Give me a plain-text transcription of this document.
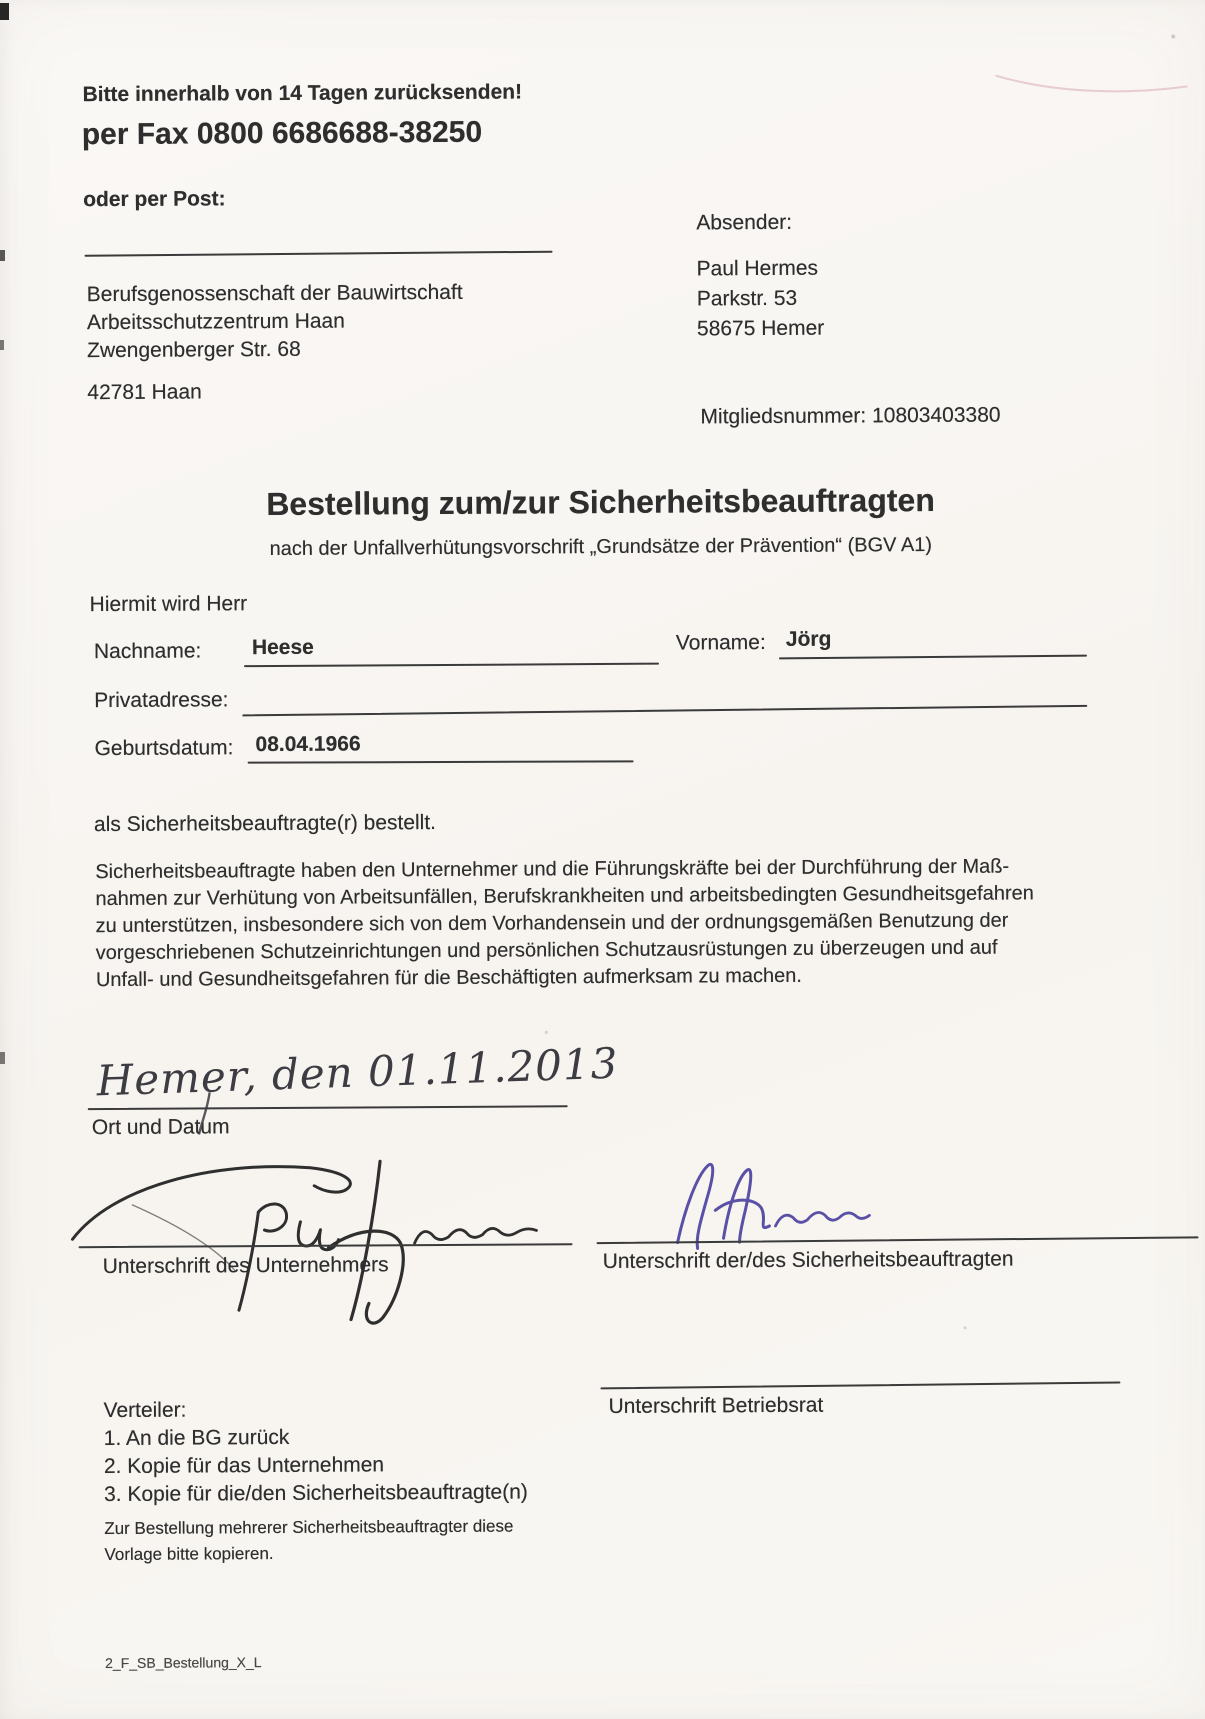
Bitte innerhalb von 14 Tagen zurücksenden!
per Fax 0800 6686688-38250
oder per Post:
Berufsgenossenschaft der Bauwirtschaft
Arbeitsschutzzentrum Haan
Zwengenberger Str. 68
42781 Haan
Absender:
Paul Hermes
Parkstr. 53
58675 Hemer
Mitgliedsnummer: 10803403380
Bestellung zum/zur Sicherheitsbeauftragten
nach der Unfallverhütungsvorschrift „Grundsätze der Prävention“ (BGV A1)
Hiermit wird Herr
Nachname: Heese	Vorname: Jörg
Privatadresse:
Geburtsdatum: 08.04.1966
als Sicherheitsbeauftragte(r) bestellt.
Sicherheitsbeauftragte haben den Unternehmer und die Führungskräfte bei der Durchführung der Maß-
nahmen zur Verhütung von Arbeitsunfällen, Berufskrankheiten und arbeitsbedingten Gesundheitsgefahren
zu unterstützen, insbesondere sich von dem Vorhandensein und der ordnungsgemäßen Benutzung der
vorgeschriebenen Schutzeinrichtungen und persönlichen Schutzausrüstungen zu überzeugen und auf
Unfall- und Gesundheitsgefahren für die Beschäftigten aufmerksam zu machen.
Hemer, den 01.11.2013
Ort und Datum
Unterschrift des Unternehmers	Unterschrift der/des Sicherheitsbeauftragten
Unterschrift Betriebsrat
Verteiler:
1. An die BG zurück
2. Kopie für das Unternehmen
3. Kopie für die/den Sicherheitsbeauftragte(n)
Zur Bestellung mehrerer Sicherheitsbeauftragter diese
Vorlage bitte kopieren.
2_F_SB_Bestellung_X_L
